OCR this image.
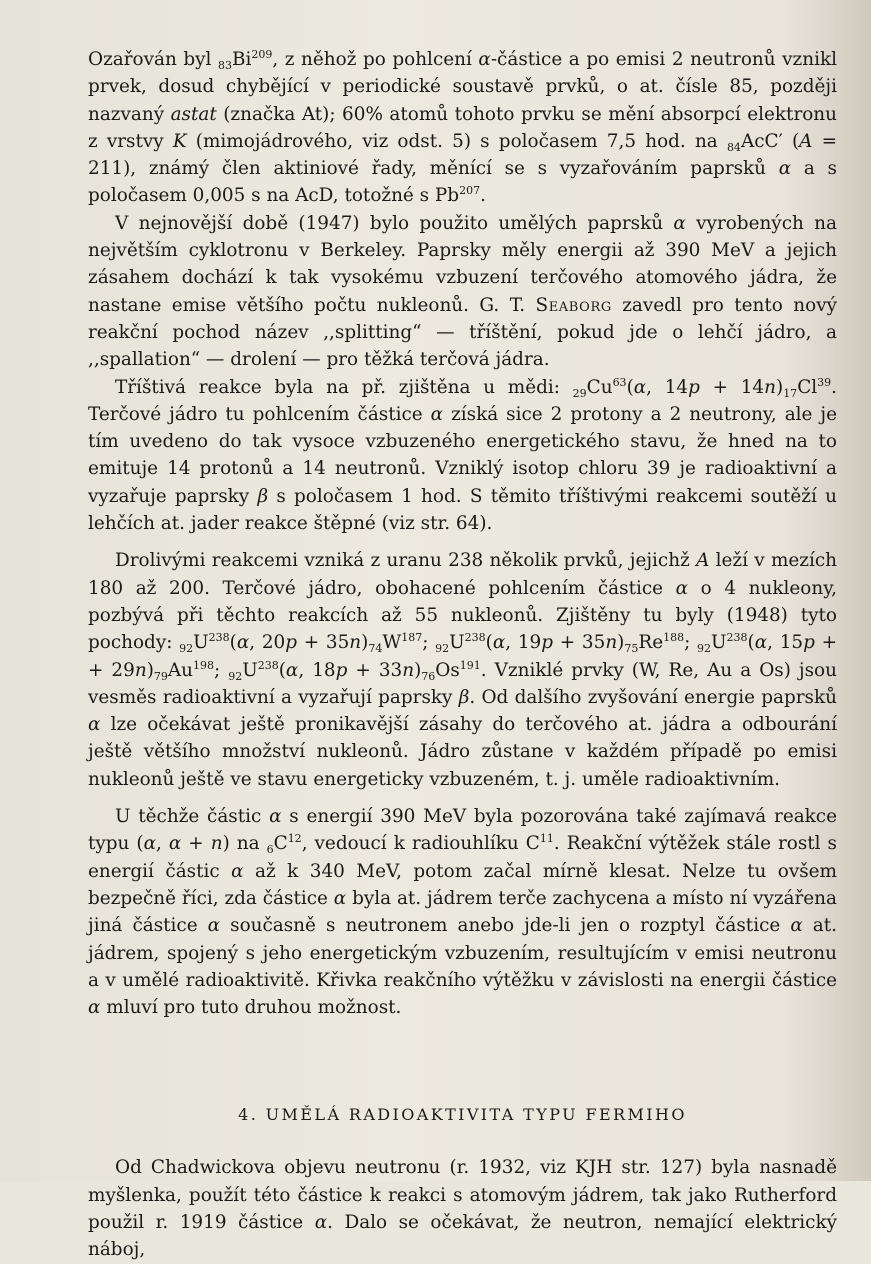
Ozařován byl $_{83}Bi^{209}$, z něhož po pohlcení α-částice a po emisi 2 neutronů vznikl prvek, dosud chybějící v periodické soustavě prvků, o at. čísle 85, později nazvaný astat (značka At); 60% atomů tohoto prvku se mění absorpcí elektronu z vrstvy K (mimojádrového, viz odst. 5) s poločasem 7,5 hod. na $_{84}$AcC′ (A = 211), známý člen aktiniové řady, měnící se s vyzařováním paprsků α a s poločasem 0,005 s na AcD, totožné s Pb$^{207}$.

V nejnovější době (1947) bylo použito umělých paprsků α vyrobených na největším cyklotronu v Berkeley. Paprsky měly energii až 390 MeV a jejich zásahem dochází k tak vysokému vzbuzení terčového atomového jádra, že nastane emise většího počtu nukleonů. G. T. Seaborg zavedl pro tento nový reakční pochod název ,,splitting“ — tříštění, pokud jde o lehčí jádro, a ,,spallation“ — drolení — pro těžká terčová jádra.

Tříštivá reakce byla na př. zjištěna u mědi: $_{29}Cu^{63}(\alpha$, $14p + 14n)_{17}Cl^{39}$. Terčové jádro tu pohlcením částice α získá sice 2 protony a 2 neutrony, ale je tím uvedeno do tak vysoce vzbuzeného energetického stavu, že hned na to emituje 14 protonů a 14 neutronů. Vzniklý isotop chloru 39 je radioaktivní a vyzařuje paprsky β s poločasem 1 hod. S těmito tříštivými reakcemi soutěží u lehčích at. jader reakce štěpné (viz str. 64).

Drolivými reakcemi vzniká z uranu 238 několik prvků, jejichž A leží v mezích 180 až 200. Terčové jádro, obohacené pohlcením částice α o 4 nukleony, pozbývá při těchto reakcích až 55 nukleonů. Zjištěny tu byly (1948) tyto pochody: $_{92}U^{238}(\alpha$, $20p + 35n)_{74}W^{187}$; $_{92}U^{238}(\alpha$, $19p + 35n)_{75}Re^{188}$; $_{92}U^{238}(\alpha$, 15p + + $29n)_{79}Au^{198}$; $_{92}U^{238}(\alpha$, $18p + 33n)_{76}Os^{191}$. Vzniklé prvky (W, Re, Au a Os) jsou vesměs radioaktivní a vyzařují paprsky β. Od dalšího zvyšování energie paprsků α lze očekávat ještě pronikavější zásahy do terčového at. jádra a odbourání ještě většího množství nukleonů. Jádro zůstane v každém případě po emisi nukleonů ještě ve stavu energeticky vzbuzeném, t. j. uměle radioaktivním.

U těchže částic α s energií 390 MeV byla pozorována také zajímavá reakce typu (α, α + n) na $_6C^{12}$, vedoucí k radiouhlíku $C^{11}$. Reakční výtěžek stále rostl s energií částic α až k 340 MeV, potom začal mírně klesat. Nelze tu ovšem bezpečně říci, zda částice α byla at. jádrem terče zachycena a místo ní vyzářena jiná částice α současně s neutronem anebo jde-li jen o rozptyl částice α at. jádrem, spojený s jeho energetickým vzbuzením, resultujícím v emisi neutronu a v umělé radioaktivitě. Křivka reakčního výtěžku v závislosti na energii částice α mluví pro tuto druhou možnost.

4. UMĚLÁ RADIOAKTIVITA TYPU FERMIHO

Od Chadwickova objevu neutronu (r. 1932, viz KJH str. 127) byla nasnadě myšlenka, použít této částice k reakci s atomovým jádrem, tak jako Rutherford použil r. 1919 částice α. Dalo se očekávat, že neutron, nemající elektrický náboj,
